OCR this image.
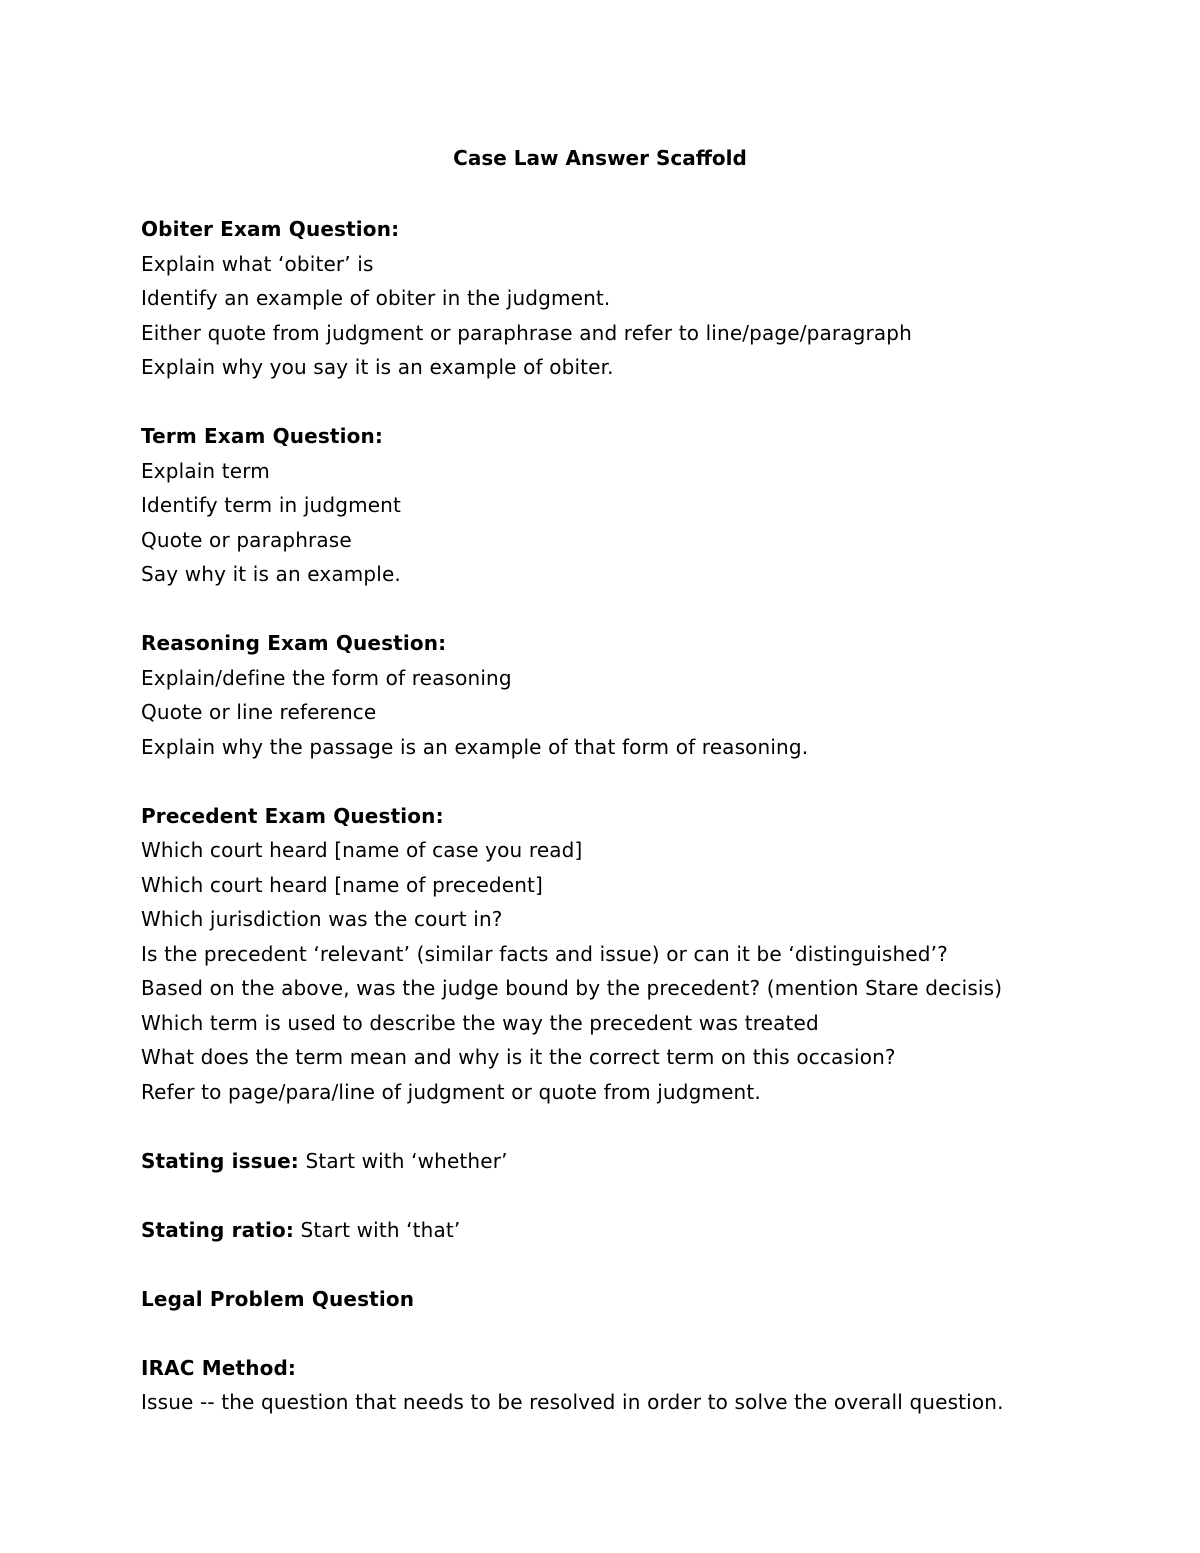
Case Law Answer Scaffold
Obiter Exam Question:
Explain what ‘obiter’ is
Identify an example of obiter in the judgment.
Either quote from judgment or paraphrase and refer to line/page/paragraph
Explain why you say it is an example of obiter.
Term Exam Question:
Explain term
Identify term in judgment
Quote or paraphrase
Say why it is an example.
Reasoning Exam Question:
Explain/define the form of reasoning
Quote or line reference
Explain why the passage is an example of that form of reasoning.
Precedent Exam Question:
Which court heard [name of case you read]
Which court heard [name of precedent]
Which jurisdiction was the court in?
Is the precedent ‘relevant’ (similar facts and issue) or can it be ‘distinguished’?
Based on the above, was the judge bound by the precedent? (mention Stare decisis)
Which term is used to describe the way the precedent was treated
What does the term mean and why is it the correct term on this occasion?
Refer to page/para/line of judgment or quote from judgment.
Stating issue: Start with ‘whether’
Stating ratio: Start with ‘that’
Legal Problem Question
IRAC Method:
Issue -- the question that needs to be resolved in order to solve the overall question.
